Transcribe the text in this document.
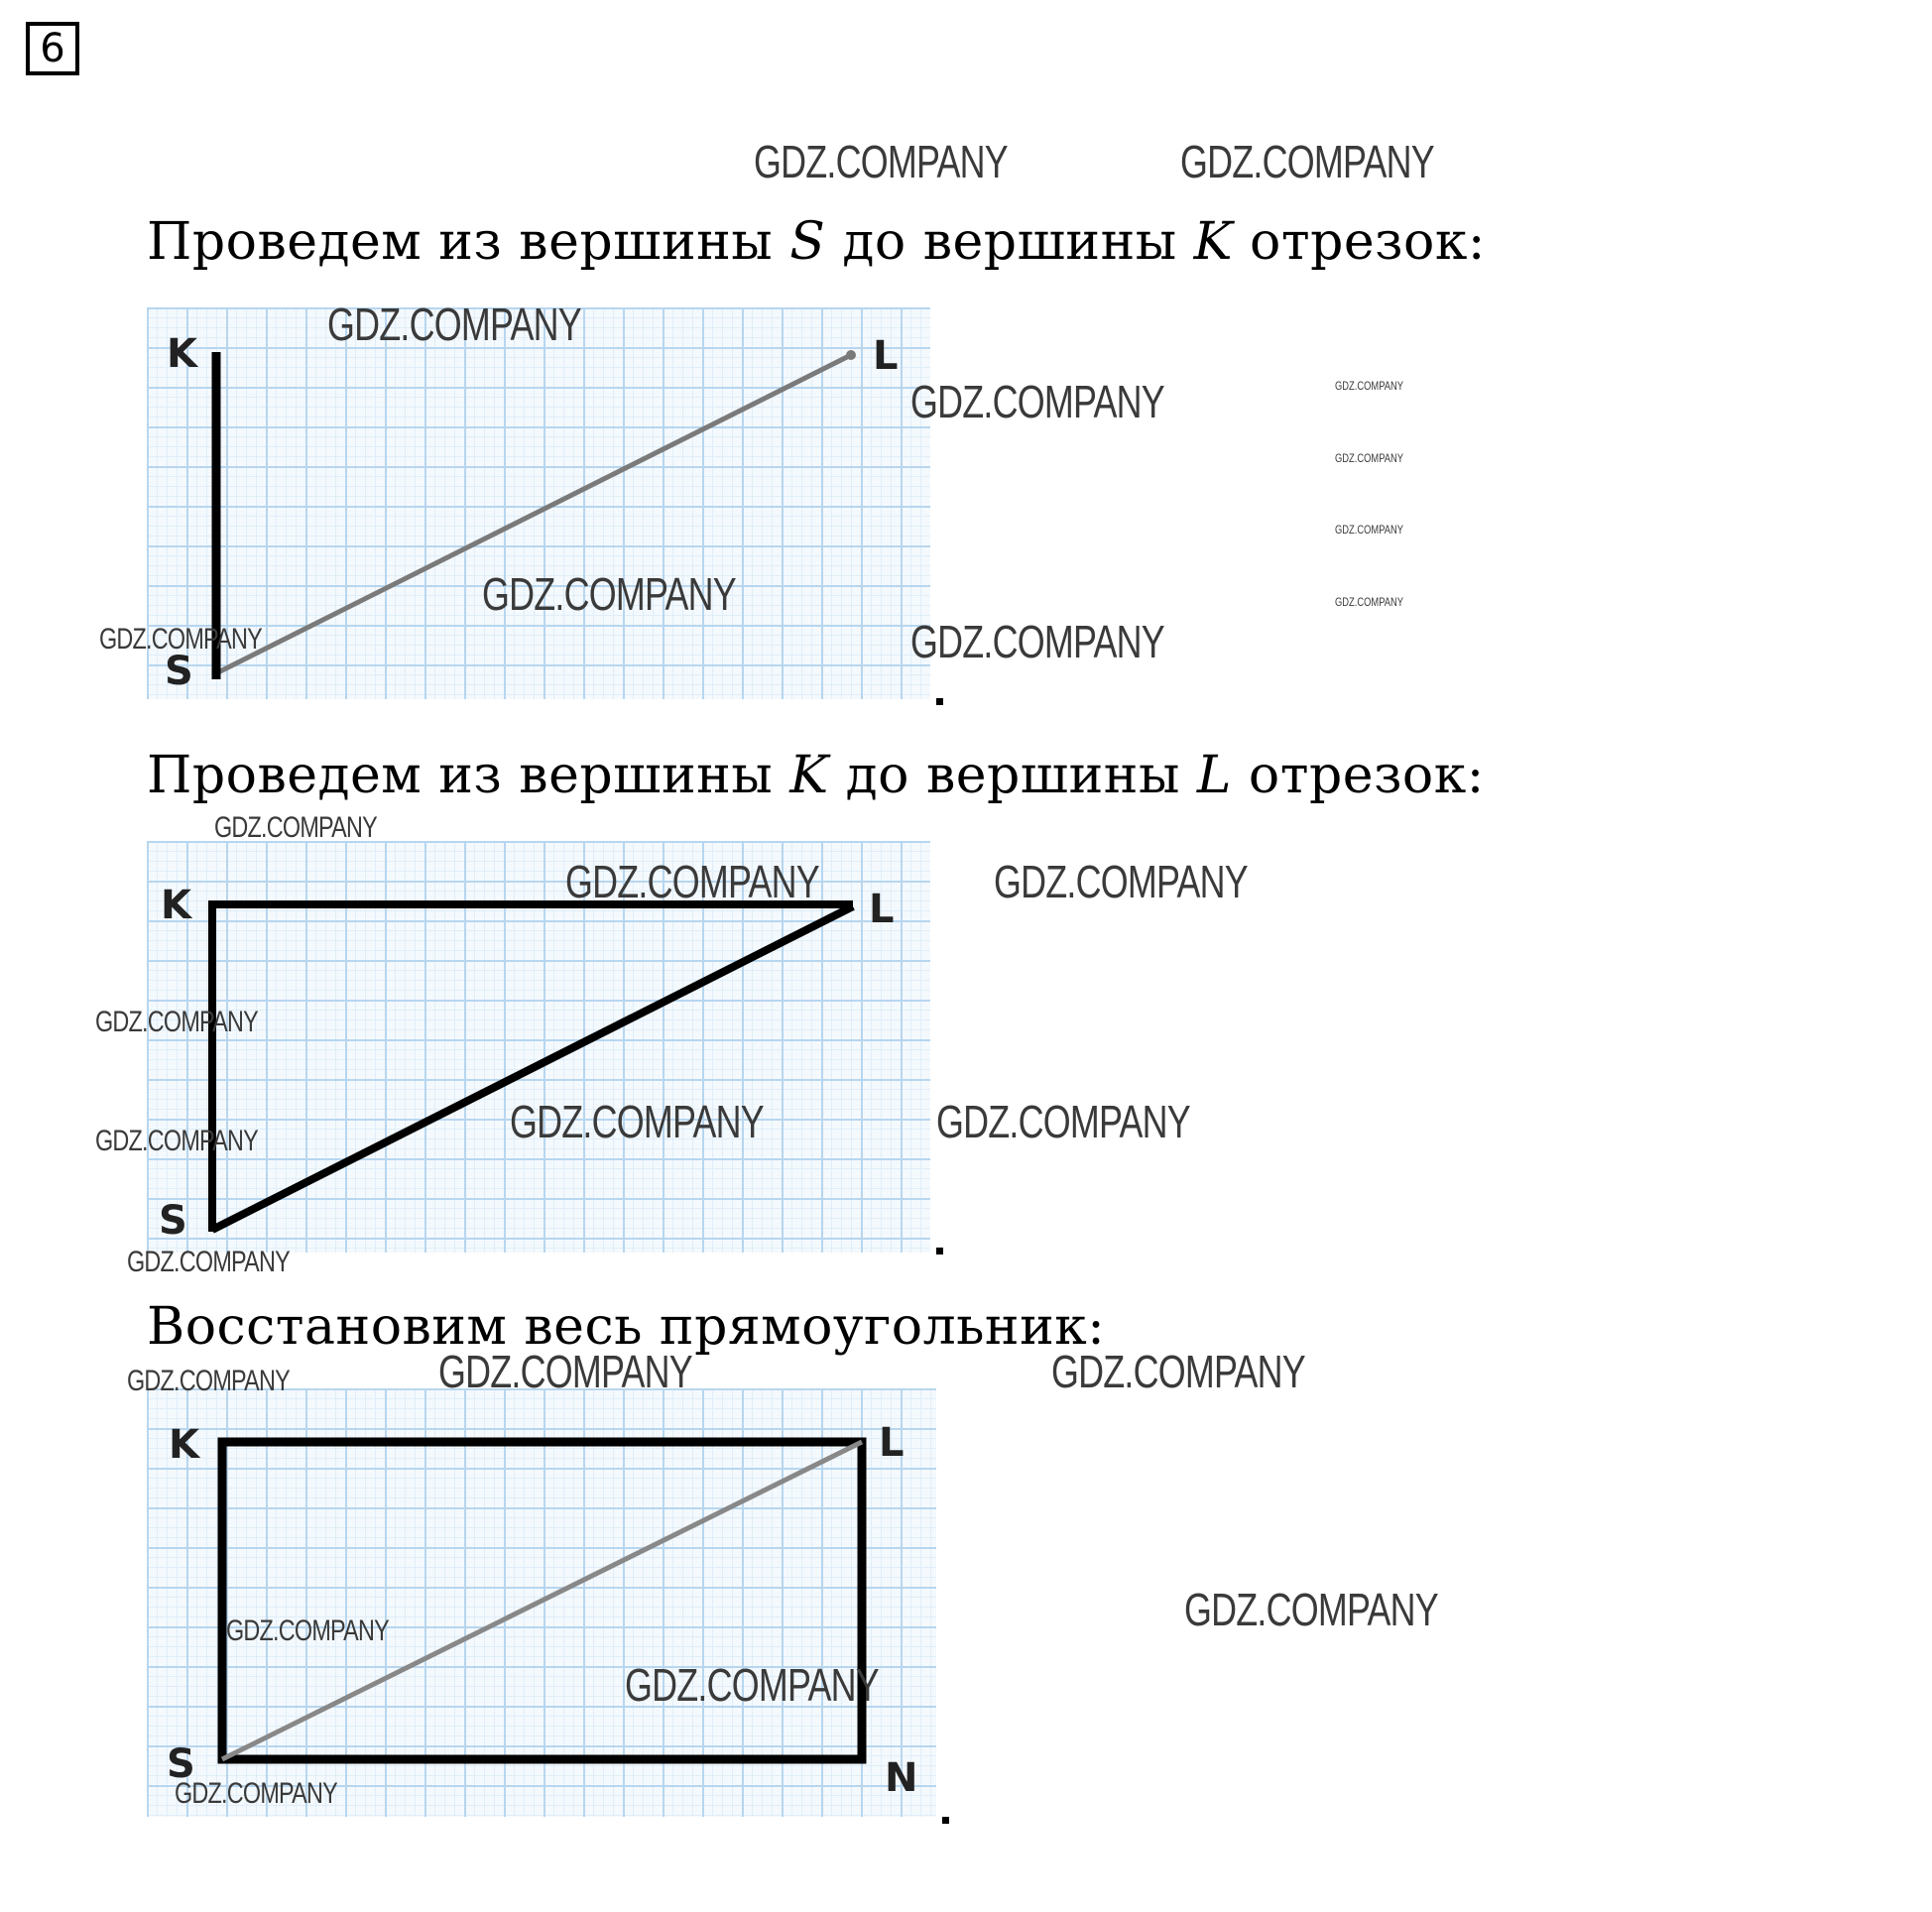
6
Проведем из вершины S до вершины K отрезок:
K	L
S
Проведем из вершины K до вершины L отрезок:
K	L
S
Восстановим весь прямоугольник:
K	L
S	N
GDZ.COMPANY	GDZ.COMPANY
GDZ.COMPANY
GDZ.COMPANY	GDZ.COMPANY
GDZ.COMPANY
GDZ.COMPANY
GDZ.COMPANY
GDZ.COMPANY
GDZ.COMPANY
GDZ.COMPANY
GDZ.COMPANY
GDZ.COMPANY	GDZ.COMPANY
GDZ.COMPANY
GDZ.COMPANY	GDZ.COMPANY	GDZ.COMPANY
GDZ.COMPANY
GDZ.COMPANY	GDZ.COMPANY	GDZ.COMPANY
GDZ.COMPANY
GDZ.COMPANY
GDZ.COMPANY
GDZ.COMPANY
